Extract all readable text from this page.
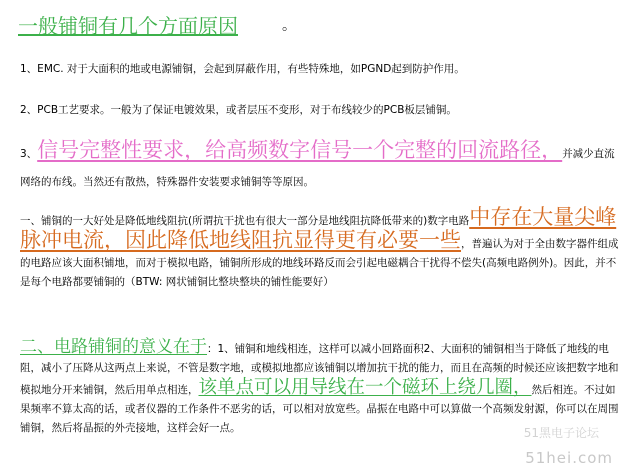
一般铺铜有几个方面原因	。
1、EMC. 对于大面积的地或电源铺铜，会起到屏蔽作用，有些特殊地，如PGND起到防护作用。
2、PCB工艺要求。一般为了保证电镀效果，或者层压不变形，对于布线较少的PCB板层铺铜。
3、信号完整性要求，给高频数字信号一个完整的回流路径，并减少直流网络的布线。当然还有散热，特殊器件安装要求铺铜等等原因。
一、铺铜的一大好处是降低地线阻抗(所谓抗干扰也有很大一部分是地线阻抗降低带来的)数字电路中存在大量尖峰脉冲电流，因此降低地线阻抗显得更有必要一些，普遍认为对于全由数字器件组成的电路应该大面积铺地，而对于模拟电路，铺铜所形成的地线环路反而会引起电磁耦合干扰得不偿失(高频电路例外)。因此，并不是每个电路都要铺铜的（BTW: 网状铺铜比整块整块的铺性能要好）
二、电路铺铜的意义在于：1、铺铜和地线相连，这样可以减小回路面积2、大面积的铺铜相当于降低了地线的电阻，减小了压降从这两点上来说，不管是数字地，或模拟地都应该铺铜以增加抗干扰的能力，而且在高频的时候还应该把数字地和模拟地分开来铺铜，然后用单点相连，该单点可以用导线在一个磁环上绕几圈，然后相连。不过如果频率不算太高的话，或者仪器的工作条件不恶劣的话，可以相对放宽些。晶振在电路中可以算做一个高频发射源，你可以在周围铺铜，然后将晶振的外壳接地，这样会好一点。	51黑电子论坛
51hei.com
